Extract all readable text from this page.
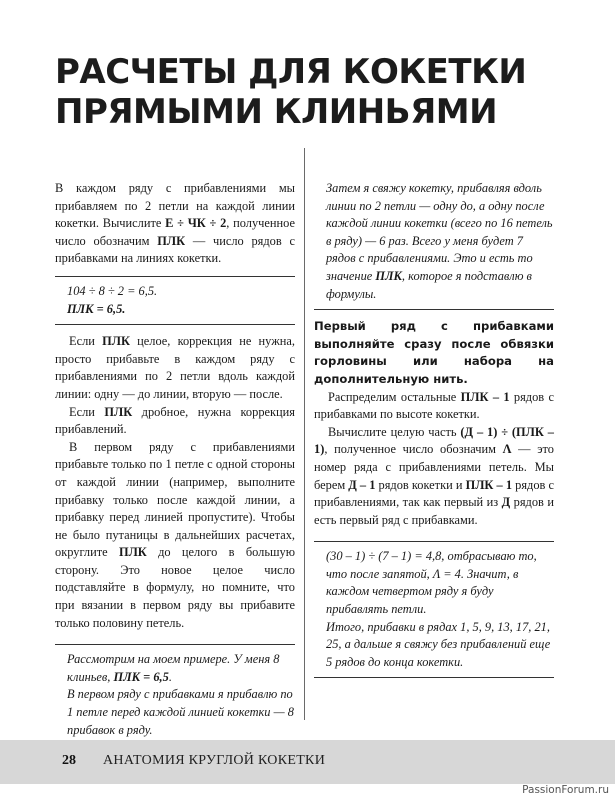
РАСЧЕТЫ ДЛЯ КОКЕТКИ
ПРЯМЫМИ КЛИНЬЯМИ

В каждом ряду с прибавлениями мы прибавляем по 2 петли на каждой линии кокетки. Вычислите Е ÷ ЧК ÷ 2, полученное число обозначим ПЛК — число рядов с прибавками на линиях кокетки.

104 ÷ 8 ÷ 2 = 6,5.

ПЛК = 6,5.

Если ПЛК целое, коррекция не нужна, просто прибавьте в каждом ряду с прибавлениями по 2 петли вдоль каждой линии: одну — до линии, вторую — после.

Если ПЛК дробное, нужна коррекция прибавлений.

В первом ряду с прибавлениями прибавьте только по 1 петле с одной стороны от каждой линии (например, выполните прибавку только после каждой линии, а прибавку перед линией пропустите). Чтобы не было путаницы в дальнейших расчетах, округлите ПЛК до целого в большую сторону. Это новое целое число подставляйте в формулу, но помните, что при вязании в первом ряду вы прибавите только половину петель.

Рассмотрим на моем примере. У меня 8 клиньев, ПЛК = 6,5.

В первом ряду с прибавками я прибавлю по 1 петле перед каждой линией кокетки — 8 прибавок в ряду.

Затем я свяжу кокетку, прибавляя вдоль линии по 2 петли — одну до, а одну после каждой линии кокетки (всего по 16 петель в ряду) — 6 раз. Всего у меня будет 7 рядов с прибавлениями. Это и есть то значение ПЛК, которое я подставлю в формулы.

Первый ряд с прибавками выполняйте сразу после обвязки горловины или набора на дополнительную нить.

Распределим остальные ПЛК – 1 рядов с прибавками по высоте кокетки.

Вычислите целую часть (Д – 1) ÷ (ПЛК – 1), полученное число обозначим Λ — это номер ряда с прибавлениями петель. Мы берем Д – 1 рядов кокетки и ПЛК – 1 рядов с прибавлениями, так как первый из Д рядов и есть первый ряд с прибавками.

(30 – 1) ÷ (7 – 1) = 4,8, отбрасываю то, что после запятой, Λ = 4. Значит, в каждом четвертом ряду я буду прибавлять петли.

Итого, прибавки в рядах 1, 5, 9, 13, 17, 21, 25, а дальше я свяжу без прибавлений еще 5 рядов до конца кокетки.

28 АНАТОМИЯ КРУГЛОЙ КОКЕТКИ
PassionForum.ru
